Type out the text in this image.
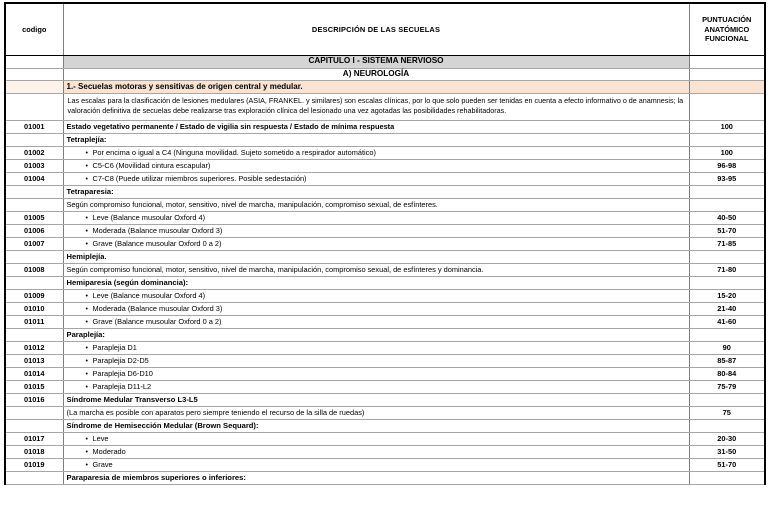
codigo	DESCRIPCIÓN DE LAS SECUELAS	PUNTUACIÓN
ANATÓMICO
FUNCIONAL
	CAPITULO I - SISTEMA NERVIOSO	
	A) NEUROLOGÍA	
	1.- Secuelas motoras y sensitivas de origen central y medular.	
	Las escalas para la clasificación de lesiones medulares (ASIA, FRANKEL. y similares) son escalas clínicas, por lo que solo pueden ser tenidas en cuenta a efecto informativo o de anamnesis; la valoración definitiva de secuelas debe realizarse tras exploración clínica del lesionado una vez agotadas las posibilidades rehabilitadoras.	
01001	Estado vegetativo permanente / Estado de vigilia sin respuesta / Estado de mínima respuesta	100
	Tetraplejía:	
01002	• Por encima o igual a C4 (Ninguna movilidad. Sujeto sometido a respirador automático)	100
01003	• C5-C6 (Movilidad cintura escapular)	96-98
01004	• C7-C8 (Puede utilizar miembros superiores. Posible sedestación)	93-95
	Tetraparesia:	
	Según compromiso funcional, motor, sensitivo, nivel de marcha, manipulación, compromiso sexual, de esfínteres.	
01005	• Leve (Balance musoular Oxford 4)	40-50
01006	• Moderada (Balance musoular Oxford 3)	51-70
01007	• Grave (Balance musoular Oxford 0 a 2)	71-85
	Hemiplejía.	
01008	Según compromiso funcional, motor, sensitivo, nivel de marcha, manipulación, compromiso sexual, de esfínteres y dominancia.	71-80
	Hemiparesia (según dominancia):	
01009	• Leve (Balance musoular Oxford 4)	15-20
01010	• Moderada (Balance musoular Oxford 3)	21-40
01011	• Grave (Balance musoular Oxford 0 a 2)	41-60
	Paraplejía:	
01012	• Paraplejia D1	90
01013	• Paraplejia D2-D5	85-87
01014	• Paraplejia D6-D10	80-84
01015	• Paraplejia D11-L2	75-79
01016	Síndrome Medular Transverso L3-L5	
	(La marcha es posible con aparatos pero siempre teniendo el recurso de la silla de ruedas)	75
	Síndrome de Hemisección Medular (Brown Sequard):	
01017	• Leve	20-30
01018	• Moderado	31-50
01019	• Grave	51-70
	Paraparesia de miembros superiores o inferiores:	
